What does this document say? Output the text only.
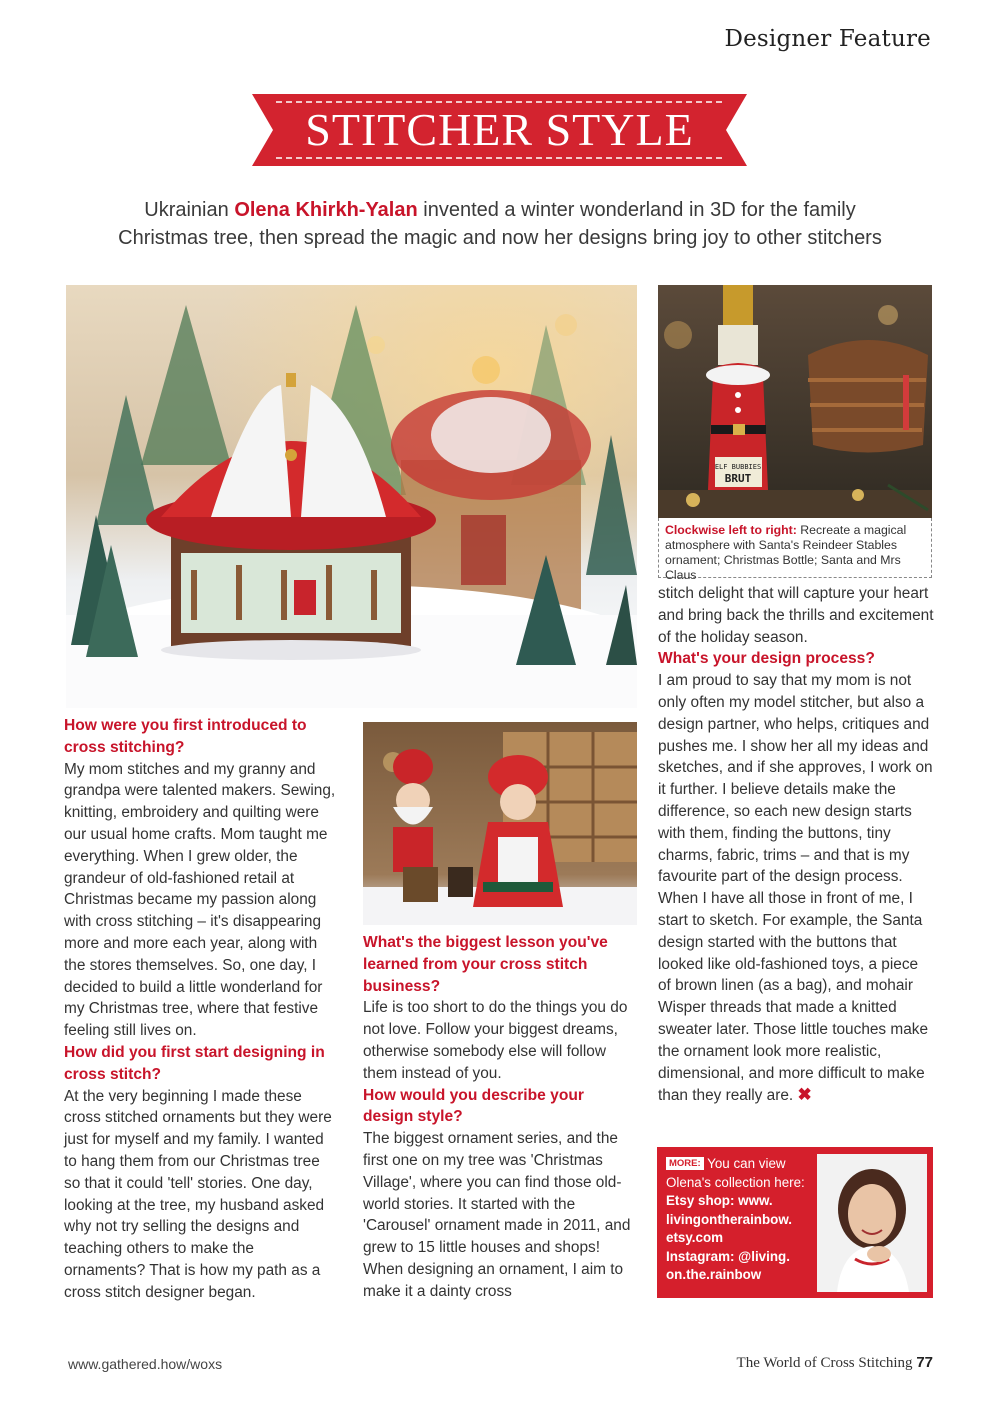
Designer Feature
STITCHER STYLE
Ukrainian Olena Khirkh-Yalan invented a winter wonderland in 3D for the family
Christmas tree, then spread the magic and now her designs bring joy to other stitchers
ELF BUBBIES
BRUT
Clockwise left to right: Recreate a magical atmosphere with Santa's Reindeer Stables ornament; Christmas Bottle; Santa and Mrs Claus
How were you first introduced to cross stitching?

My mom stitches and my granny and grandpa were talented makers. Sewing, knitting, embroidery and quilting were our usual home crafts. Mom taught me everything. When I grew older, the grandeur of old-fashioned retail at Christmas became my passion along with cross stitching – it's disappearing more and more each year, along with the stores themselves. So, one day, I decided to build a little wonderland for my Christmas tree, where that festive feeling still lives on.

How did you first start designing in cross stitch?

At the very beginning I made these cross stitched ornaments but they were just for myself and my family. I wanted to hang them from our Christmas tree so that it could 'tell' stories. One day, looking at the tree, my husband asked why not try selling the designs and teaching others to make the ornaments? That is how my path as a cross stitch designer began.

What's the biggest lesson you've learned from your cross stitch business?

Life is too short to do the things you do not love. Follow your biggest dreams, otherwise somebody else will follow them instead of you.

How would you describe your design style?

The biggest ornament series, and the first one on my tree was 'Christmas Village', where you can find those old-world stories. It started with the 'Carousel' ornament made in 2011, and grew to 15 little houses and shops! When designing an ornament, I aim to make it a dainty cross

stitch delight that will capture your heart and bring back the thrills and excitement of the holiday season.

What's your design process?

I am proud to say that my mom is not only often my model stitcher, but also a design partner, who helps, critiques and pushes me. I show her all my ideas and sketches, and if she approves, I work on it further. I believe details make the difference, so each new design starts with them, finding the buttons, tiny charms, fabric, trims – and that is my favourite part of the design process. When I have all those in front of me, I start to sketch. For example, the Santa design started with the buttons that looked like old-fashioned toys, a piece of brown linen (as a bag), and mohair Wisper threads that made a knitted sweater later. Those little touches make the ornament look more realistic, dimensional, and more difficult to make than they really are. ✖

MORE: You can view Olena's collection here:
Etsy shop: www.
livingontherainbow.
etsy.com
Instagram: @living.
on.the.rainbow
www.gathered.how/woxs	The World of Cross Stitching 77
